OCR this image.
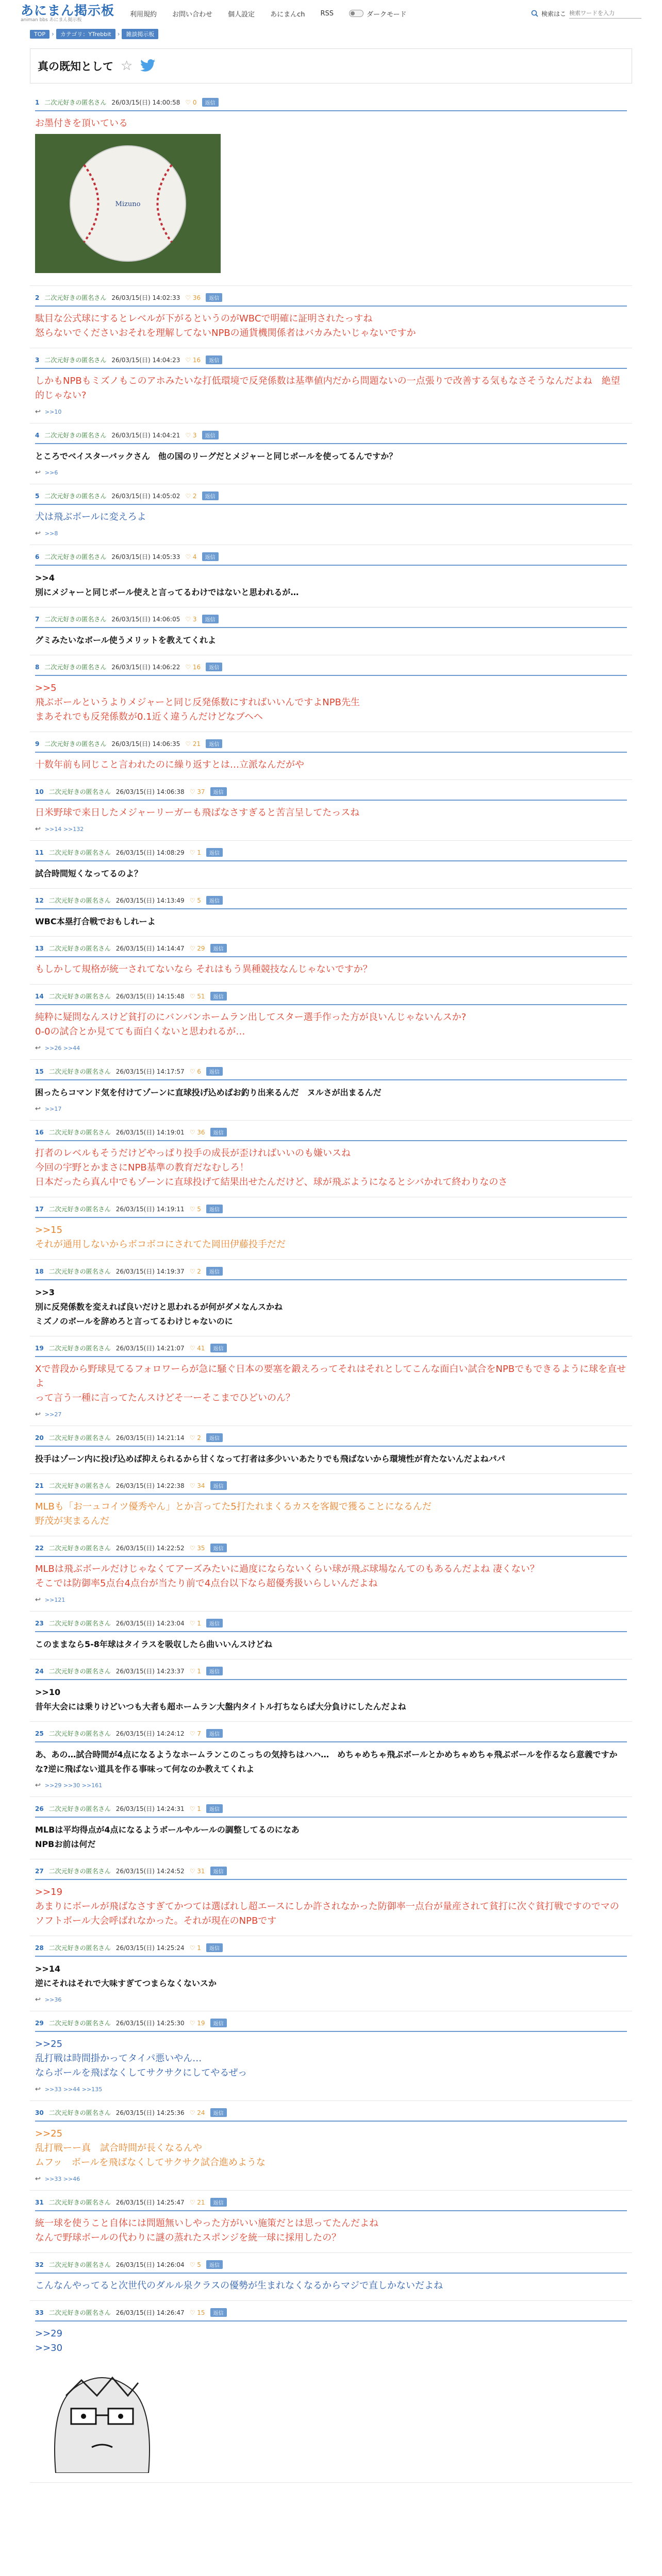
あにまん掲示板
animan bbs あにまん掲示板
利用規約 お問い合わせ 個人設定 あにまんch RSS	ダークモード	検索はこ
検索ワードを入力
TOP	›	カテゴリ：YTrebbit	›	雑談掲示板
真の既知として ☆
1 二次元好きの匿名さん 26/03/15(日) 14:00:58 ♡ 0	返信
お墨付きを頂いている
Mizuno
2 二次元好きの匿名さん 26/03/15(日) 14:02:33 ♡ 36	返信
駄目な公式球にするとレベルが下がるというのがWBCで明確に証明されたっすね
怒らないでくださいおそれを理解してないNPBの通貨機関係者はバカみたいじゃないですか
3 二次元好きの匿名さん 26/03/15(日) 14:04:23 ♡ 16	返信
しかもNPBもミズノもこのアホみたいな打低環境で反発係数は基準値内だから問題ないの一点張りで改善する気もなさそうなんだよね　絶望的じゃない?
↩ >>10
4 二次元好きの匿名さん 26/03/15(日) 14:04:21 ♡ 3	返信
ところでベイスターバックさん　他の国のリーグだとメジャーと同じボールを使ってるんですか？
↩ >>6
5 二次元好きの匿名さん 26/03/15(日) 14:05:02 ♡ 2	返信
犬は飛ぶボールに変えろよ
↩ >>8
6 二次元好きの匿名さん 26/03/15(日) 14:05:33 ♡ 4	返信
>>4
別にメジャーと同じボール使えと言ってるわけではないと思われるが…
7 二次元好きの匿名さん 26/03/15(日) 14:06:05 ♡ 3	返信
グミみたいなボール使うメリットを教えてくれよ
8 二次元好きの匿名さん 26/03/15(日) 14:06:22 ♡ 16	返信
>>5
飛ぶボールというよりメジャーと同じ反発係数にすればいいんですよNPB先生
まあそれでも反発係数が0.1近く違うんだけどなブヘヘ
9 二次元好きの匿名さん 26/03/15(日) 14:06:35 ♡ 21	返信
十数年前も同じこと言われたのに繰り返すとは…立派なんだがや
10 二次元好きの匿名さん 26/03/15(日) 14:06:38 ♡ 37	返信
日米野球で来日したメジャーリーガーも飛ばなさすぎると苦言呈してたっスね
↩ >>14 >>132
11 二次元好きの匿名さん 26/03/15(日) 14:08:29 ♡ 1	返信
試合時間短くなってるのよ？
12 二次元好きの匿名さん 26/03/15(日) 14:13:49 ♡ 5	返信
WBC本塁打合戦でおもしれーよ
13 二次元好きの匿名さん 26/03/15(日) 14:14:47 ♡ 29	返信
もしかして規格が統一されてないなら それはもう異種競技なんじゃないですか？
14 二次元好きの匿名さん 26/03/15(日) 14:15:48 ♡ 51	返信
純粋に疑問なんスけど貧打のにバンバンホームラン出してスター選手作った方が良いんじゃないんスか?
0-0の試合とか見てても面白くないと思われるが…
↩ >>26 >>44
15 二次元好きの匿名さん 26/03/15(日) 14:17:57 ♡ 6	返信
困ったらコマンド気を付けてゾーンに直球投げ込めばお釣り出来るんだ　ヌルさが出まるんだ
↩ >>17
16 二次元好きの匿名さん 26/03/15(日) 14:19:01 ♡ 36	返信
打者のレベルもそうだけどやっぱり投手の成長が歪ければいいのも嫌いスね
今回の宇野とかまさにNPB基準の教育だなむしろ！
日本だったら真ん中でもゾーンに直球投げて結果出せたんだけど、球が飛ぶようになるとシバかれて終わりなのさ
17 二次元好きの匿名さん 26/03/15(日) 14:19:11 ♡ 5	返信
>>15
それが通用しないからボコボコにされてた岡田伊藤投手だだ
18 二次元好きの匿名さん 26/03/15(日) 14:19:37 ♡ 2	返信
>>3
別に反発係数を変えれば良いだけと思われるが何がダメなんスかね
ミズノのボールを辞めろと言ってるわけじゃないのに
19 二次元好きの匿名さん 26/03/15(日) 14:21:07 ♡ 41	返信
Xで普段から野球見てるフォロワーらが急に騒ぐ日本の要塞を鍛えろってそれはそれとしてこんな面白い試合をNPBでもできるように球を直せよ
って言う一種に言ってたんスけどそ一ーそこまでひどいのん？
↩ >>27
20 二次元好きの匿名さん 26/03/15(日) 14:21:14 ♡ 2	返信
投手はゾーン内に投げ込めば抑えられるから甘くなって打者は多少いいあたりでも飛ばないから環境性が育たないんだよねパパ
21 二次元好きの匿名さん 26/03/15(日) 14:22:38 ♡ 34	返信
MLBも「お一ュコイツ優秀やん」とか言ってた5打たれまくるカスを客観で獲ることになるんだ
野茂が実まるんだ
22 二次元好きの匿名さん 26/03/15(日) 14:22:52 ♡ 35	返信
MLBは飛ぶボールだけじゃなくてアーズみたいに過度にならないくらい球が飛ぶ球場なんてのもあるんだよね 凄くない？
そこでは防御率5点台4点台が当たり前で4点台以下なら超優秀扱いらしいんだよね
↩ >>121
23 二次元好きの匿名さん 26/03/15(日) 14:23:04 ♡ 1	返信
このままなら5-8年球はタイラスを吸収したら曲いいんスけどね
24 二次元好きの匿名さん 26/03/15(日) 14:23:37 ♡ 1	返信
>>10
昔年大会には乗りけどいつも大者も超ホームラン大盤内タイトル打ちならば大分負けにしたんだよね
25 二次元好きの匿名さん 26/03/15(日) 14:24:12 ♡ 7	返信
あ、あの…試合時間が4点になるようなホームランこのこっちの気持ちはハハ…　めちゃめちゃ飛ぶボールとかめちゃめちゃ飛ぶボールを作るなら意義ですかな?逆に飛ばない道具を作る事味って何なのか教えてくれよ
↩ >>29 >>30 >>161
26 二次元好きの匿名さん 26/03/15(日) 14:24:31 ♡ 1	返信
MLBは平均得点が4点になるようボールやルールの調整してるのになあ
NPBお前は何だ
27 二次元好きの匿名さん 26/03/15(日) 14:24:52 ♡ 31	返信
>>19
あまりにボールが飛ばなさすぎてかつては選ばれし超エースにしか許されなかった防御率一点台が量産されて貧打に次ぐ貧打戦ですのでマのソフトボール大会呼ばれなかった。それが現在のNPBです
28 二次元好きの匿名さん 26/03/15(日) 14:25:24 ♡ 1	返信
>>14
逆にそれはそれで大味すぎてつまらなくないスか
↩ >>36
29 二次元好きの匿名さん 26/03/15(日) 14:25:30 ♡ 19	返信
>>25
乱打戦は時間掛かってタイパ悪いやん…
ならボールを飛ばなくしてサクサクにしてやるぜっ
↩ >>33 >>44 >>135
30 二次元好きの匿名さん 26/03/15(日) 14:25:36 ♡ 24	返信
>>25
乱打戦ーー真　試合時間が長くなるんや
ムフッ　ボールを飛ばなくしてサクサク試合進めような
↩ >>33 >>46
31 二次元好きの匿名さん 26/03/15(日) 14:25:47 ♡ 21	返信
統一球を使うこと自体には問題無いしやった方がいい施策だとは思ってたんだよね
なんで野球ボールの代わりに謎の蒸れたスポンジを統一球に採用したの？
32 二次元好きの匿名さん 26/03/15(日) 14:26:04 ♡ 5	返信
こんなんやってると次世代のダルル泉クラスの優勢が生まれなくなるからマジで直しかないだよね
33 二次元好きの匿名さん 26/03/15(日) 14:26:47 ♡ 15	返信
>>29
>>30
